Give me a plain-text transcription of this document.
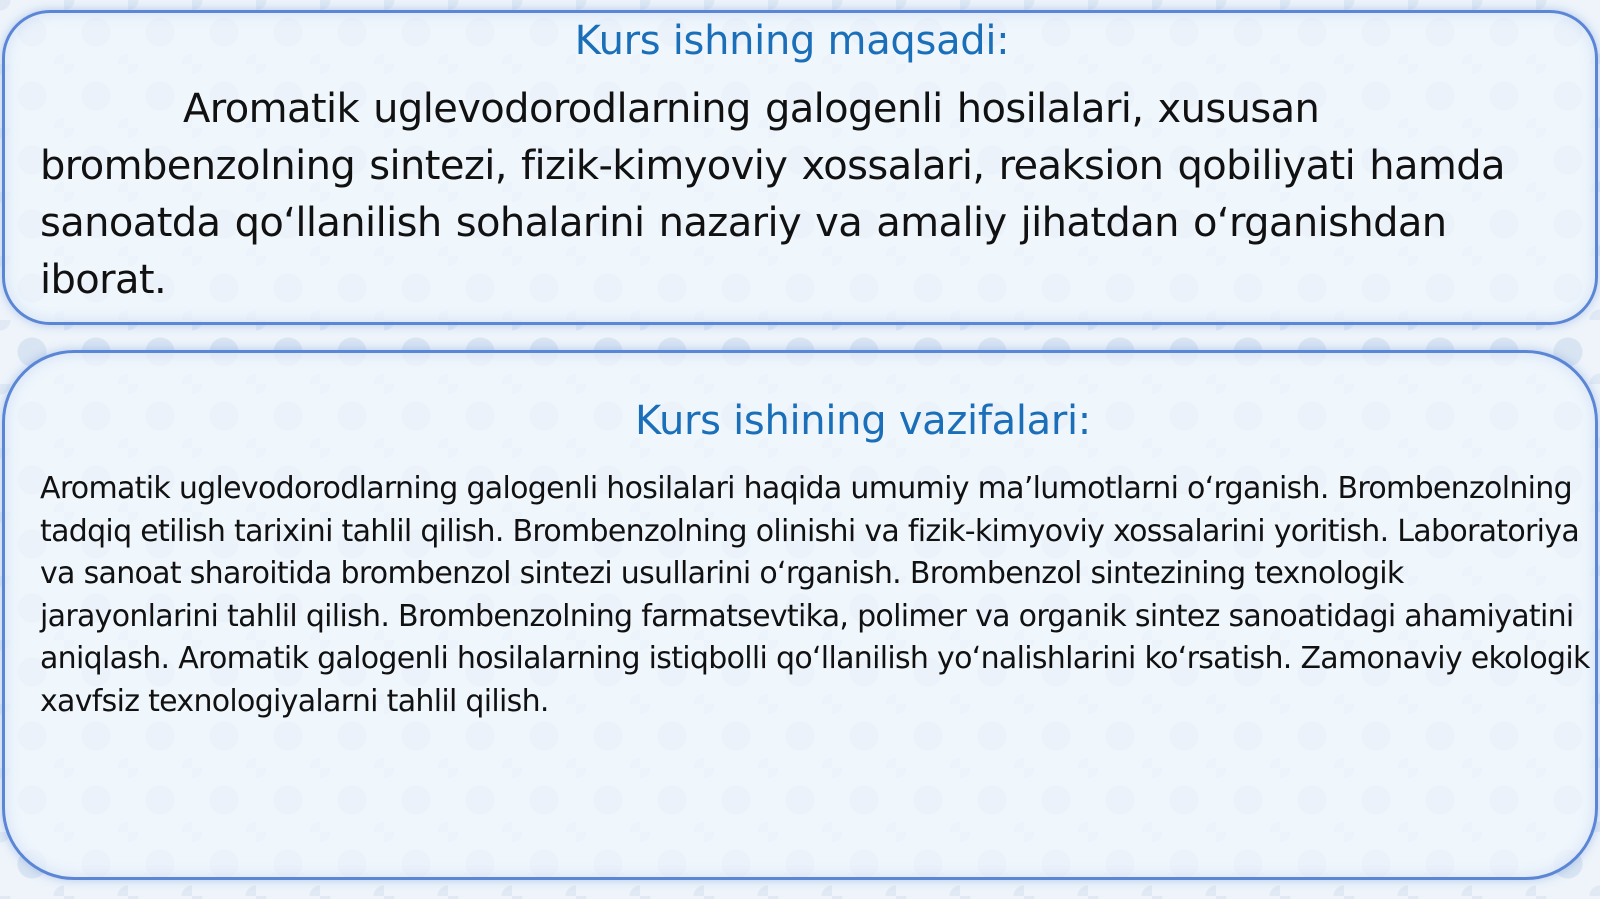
Kurs ishning maqsadi:

Aromatik uglevodorodlarning galogenli hosilalari, xususan brombenzolning sintezi, fizik-kimyoviy xossalari, reaksion qobiliyati hamda sanoatda qo‘llanilish sohalarini nazariy va amaliy jihatdan o‘rganishdan iborat.

Kurs ishining vazifalari:

Aromatik uglevodorodlarning galogenli hosilalari haqida umumiy ma’lumotlarni o‘rganish. Brombenzolning tadqiq etilish tarixini tahlil qilish. Brombenzolning olinishi va fizik-kimyoviy xossalarini yoritish. Laboratoriya va sanoat sharoitida brombenzol sintezi usullarini o‘rganish. Brombenzol sintezining texnologik jarayonlarini tahlil qilish. Brombenzolning farmatsevtika, polimer va organik sintez sanoatidagi ahamiyatini aniqlash. Aromatik galogenli hosilalarning istiqbolli qo‘llanilish yo‘nalishlarini ko‘rsatish. Zamonaviy ekologik xavfsiz texnologiyalarni tahlil qilish.
